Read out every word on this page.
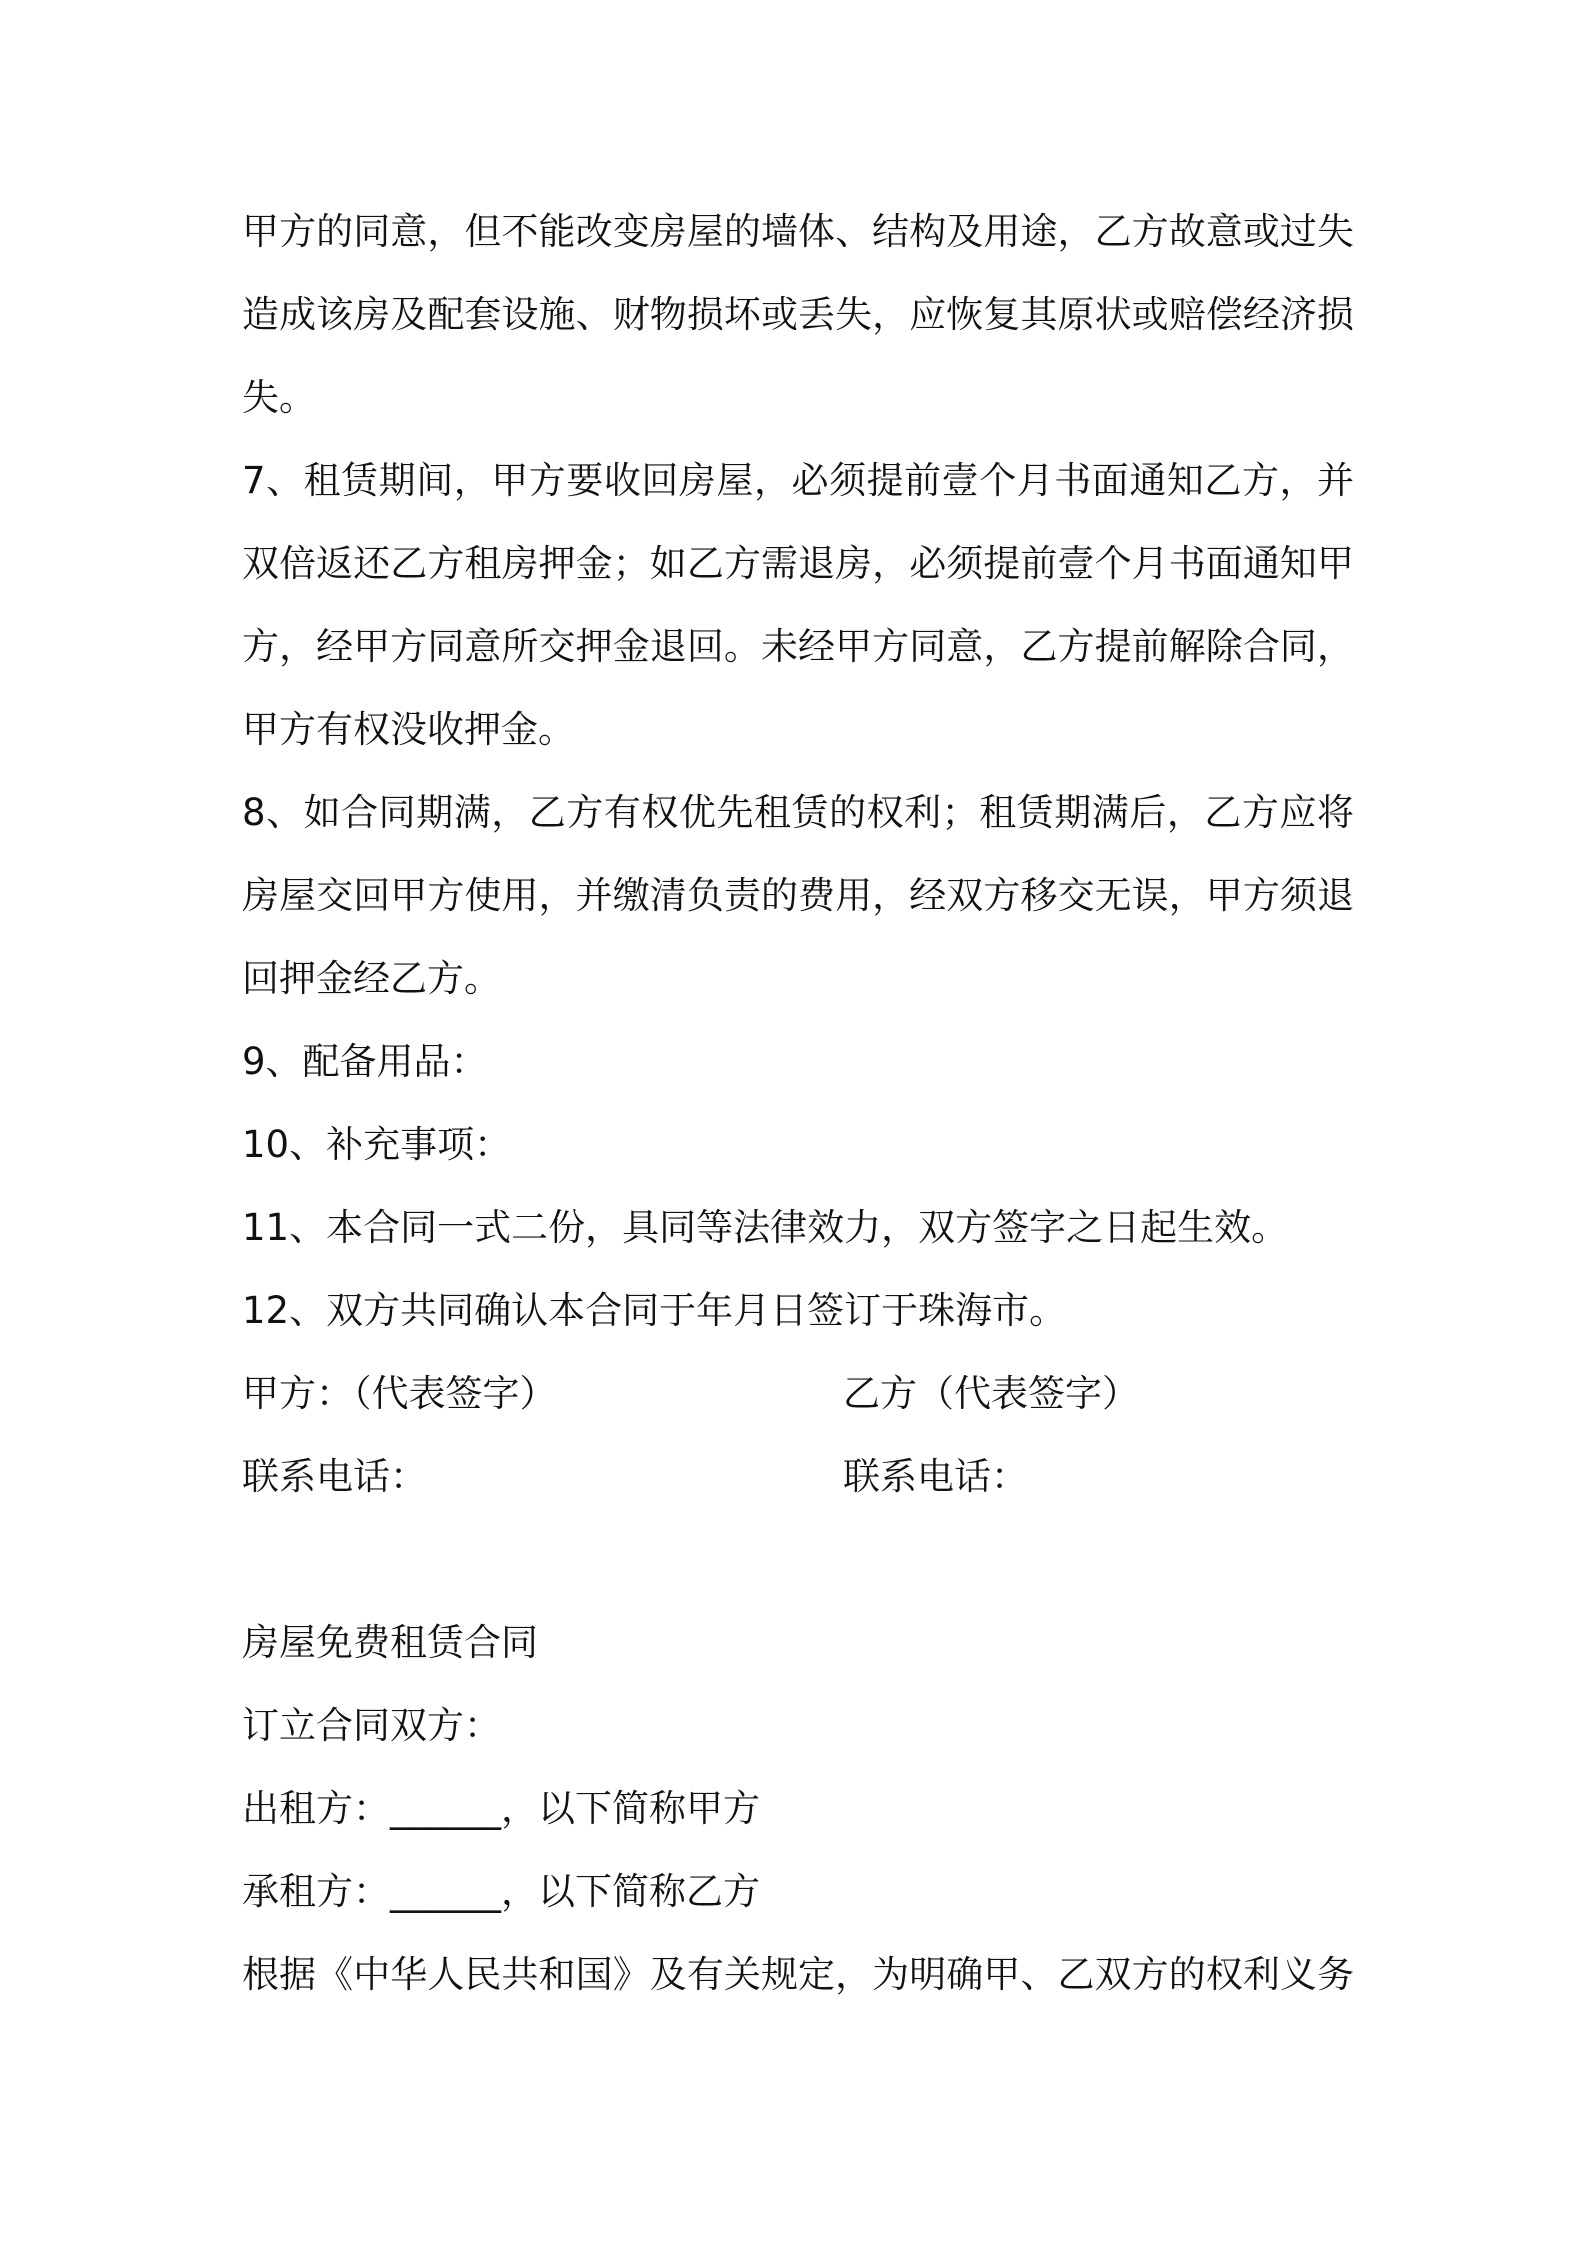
甲方的同意，但不能改变房屋的墙体、结构及用途，乙方故意或过失
造成该房及配套设施、财物损坏或丢失，应恢复其原状或赔偿经济损
失。
7、租赁期间，甲方要收回房屋，必须提前壹个月书面通知乙方，并
双倍返还乙方租房押金；如乙方需退房，必须提前壹个月书面通知甲
方，经甲方同意所交押金退回。未经甲方同意，乙方提前解除合同，
甲方有权没收押金。
8、如合同期满，乙方有权优先租赁的权利；租赁期满后，乙方应将
房屋交回甲方使用，并缴清负责的费用，经双方移交无误，甲方须退
回押金经乙方。
9、配备用品：
10、补充事项：
11、本合同一式二份，具同等法律效力，双方签字之日起生效。
12、双方共同确认本合同于年月日签订于珠海市。
甲方：（代表签字）	乙方（代表签字）
联系电话：	联系电话：
房屋免费租赁合同
订立合同双方：
出租方：______，以下简称甲方
承租方：______，以下简称乙方
根据《中华人民共和国》及有关规定，为明确甲、乙双方的权利义务
